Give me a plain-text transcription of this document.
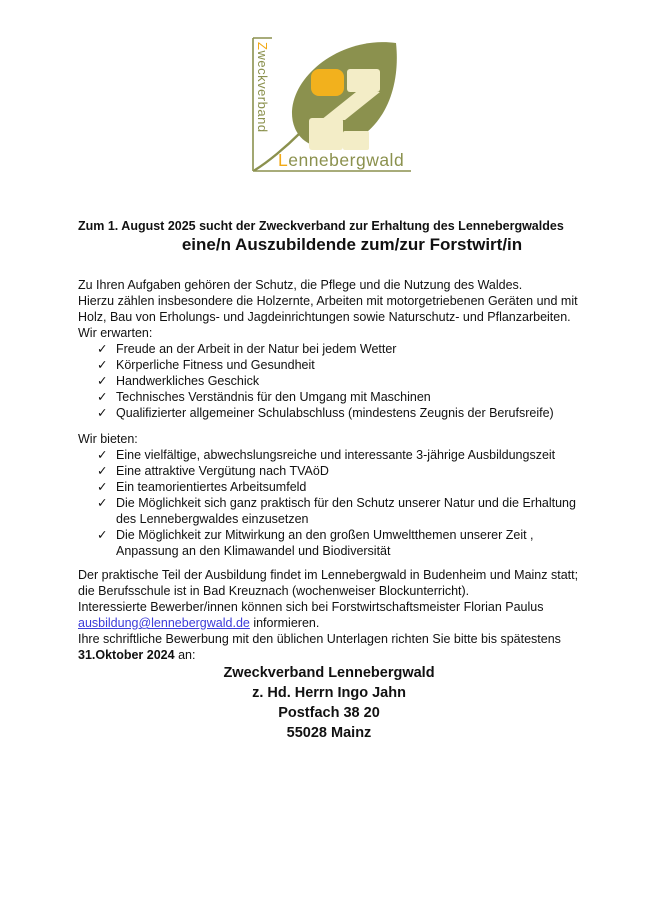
Zweckverband
Lennebergwald

Zum 1. August 2025 sucht der Zweckverband zur Erhaltung des Lennebergwaldes

eine/n Auszubildende zum/zur Forstwirt/in

Zu Ihren Aufgaben gehören der Schutz, die Pflege und die Nutzung des Waldes.

Hierzu zählen insbesondere die Holzernte, Arbeiten mit motorgetriebenen Geräten und mit Holz, Bau von Erholungs- und Jagdeinrichtungen sowie Naturschutz- und Pflanzarbeiten.

Wir erwarten:

✓ Freude an der Arbeit in der Natur bei jedem Wetter
✓ Körperliche Fitness und Gesundheit
✓ Handwerkliches Geschick
✓ Technisches Verständnis für den Umgang mit Maschinen
✓ Qualifizierter allgemeiner Schulabschluss (mindestens Zeugnis der Berufsreife)

Wir bieten:

✓ Eine vielfältige, abwechslungsreiche und interessante 3-jährige Ausbildungszeit
✓ Eine attraktive Vergütung nach TVAöD
✓ Ein teamorientiertes Arbeitsumfeld
✓ Die Möglichkeit sich ganz praktisch für den Schutz unserer Natur und die Erhaltung des Lennebergwaldes einzusetzen
✓ Die Möglichkeit zur Mitwirkung an den großen Umweltthemen unserer Zeit , Anpassung an den Klimawandel und Biodiversität

Der praktische Teil der Ausbildung findet im Lennebergwald in Budenheim und Mainz statt; die Berufsschule ist in Bad Kreuznach (wochenweiser Blockunterricht).

Interessierte Bewerber/innen können sich bei Forstwirtschaftsmeister Florian Paulus
ausbildung@lennebergwald.de informieren.

Ihre schriftliche Bewerbung mit den üblichen Unterlagen richten Sie bitte bis spätestens 31.Oktober 2024 an:

Zweckverband Lennebergwald
z. Hd. Herrn Ingo Jahn
Postfach 38 20
55028 Mainz
